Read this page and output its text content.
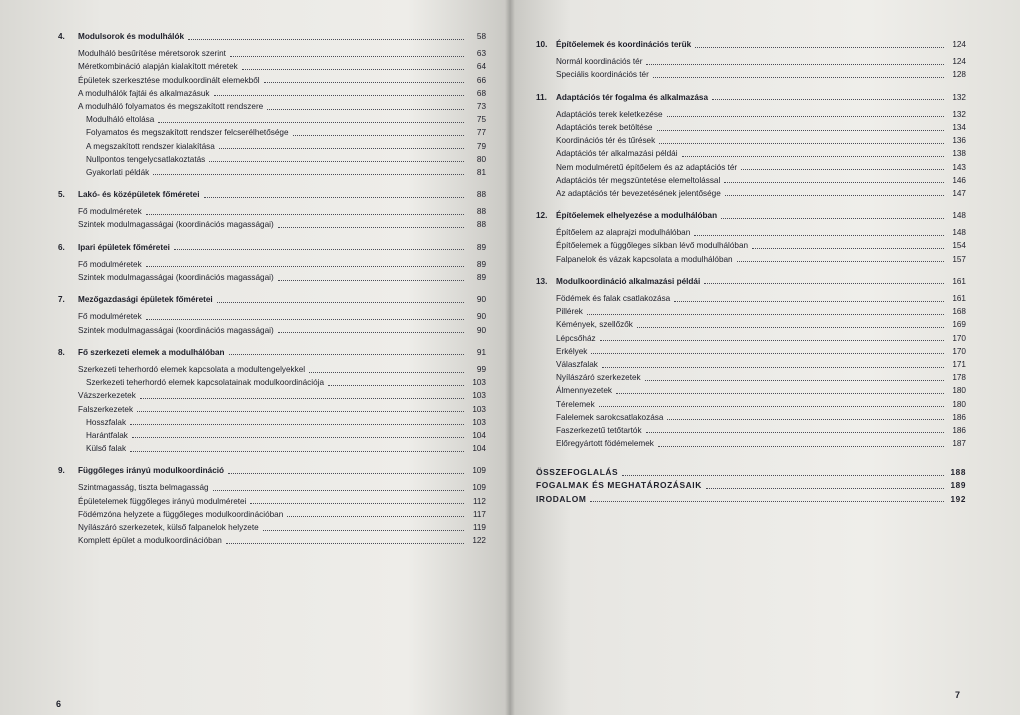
4.	Modulsorok és modulhálók	58
Modulháló besűrítése méretsorok szerint	63
Méretkombináció alapján kialakított méretek	64
Épületek szerkesztése modulkoordinált elemekből	66
A modulhálók fajtái és alkalmazásuk	68
A modulháló folyamatos és megszakított rendszere	73
Modulháló eltolása	75
Folyamatos és megszakított rendszer felcserélhetősége	77
A megszakított rendszer kialakítása	79
Nullpontos tengelycsatlakoztatás	80
Gyakorlati példák	81
5.	Lakó- és középületek főméretei	88
Fő modulméretek	88
Szintek modulmagasságai (koordinációs magasságai)	88
6.	Ipari épületek főméretei	89
Fő modulméretek	89
Szintek modulmagasságai (koordinációs magasságai)	89
7.	Mezőgazdasági épületek főméretei	90
Fő modulméretek	90
Szintek modulmagasságai (koordinációs magasságai)	90
8.	Fő szerkezeti elemek a modulhálóban	91
Szerkezeti teherhordó elemek kapcsolata a modultengelyekkel	99
Szerkezeti teherhordó elemek kapcsolatainak modulkoordinációja	103
Vázszerkezetek	103
Falszerkezetek	103
Hosszfalak	103
Harántfalak	104
Külső falak	104
9.	Függőleges irányú modulkoordináció	109
Szintmagasság, tiszta belmagasság	109
Épületelemek függőleges irányú modulméretei	112
Födémzóna helyzete a függőleges modulkoordinációban	117
Nyílászáró szerkezetek, külső falpanelok helyzete	119
Komplett épület a modulkoordinációban	122
6
10.	Építőelemek és koordinációs terük	124
Normál koordinációs tér	124
Speciális koordinációs tér	128
11.	Adaptációs tér fogalma és alkalmazása	132
Adaptációs terek keletkezése	132
Adaptációs terek betöltése	134
Koordinációs tér és tűrések	136
Adaptációs tér alkalmazási példái	138
Nem modulméretű építőelem és az adaptációs tér	143
Adaptációs tér megszüntetése elemeltolással	146
Az adaptációs tér bevezetésének jelentősége	147
12.	Építőelemek elhelyezése a modulhálóban	148
Építőelem az alaprajzi modulhálóban	148
Építőelemek a függőleges síkban lévő modulhálóban	154
Falpanelok és vázak kapcsolata a modulhálóban	157
13.	Modulkoordináció alkalmazási példái	161
Födémek és falak csatlakozása	161
Pillérek	168
Kémények, szellőzők	169
Lépcsőház	170
Erkélyek	170
Válaszfalak	171
Nyílászáró szerkezetek	178
Álmennyezetek	180
Térelemek	180
Falelemek sarokcsatlakozása	186
Faszerkezetű tetőtartók	186
Előregyártott födémelemek	187
ÖSSZEFOGLALÁS	188
FOGALMAK ÉS MEGHATÁROZÁSAIK	189
IRODALOM	192
7
